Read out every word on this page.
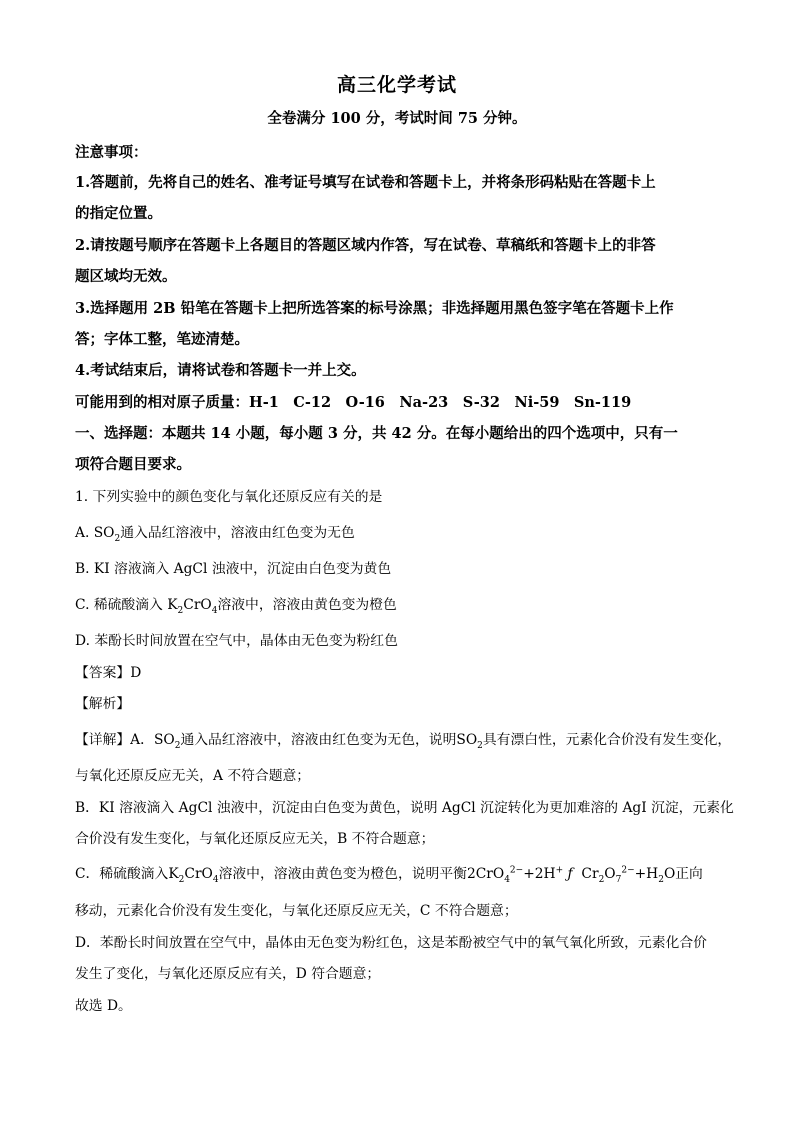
高三化学考试
全卷满分 100 分，考试时间 75 分钟。
注意事项：
1.答题前，先将自己的姓名、准考证号填写在试卷和答题卡上，并将条形码粘贴在答题卡上
的指定位置。
2.请按题号顺序在答题卡上各题目的答题区域内作答，写在试卷、草稿纸和答题卡上的非答
题区域均无效。
3.选择题用 2B 铅笔在答题卡上把所选答案的标号涂黑；非选择题用黑色签字笔在答题卡上作
答；字体工整，笔迹清楚。
4.考试结束后，请将试卷和答题卡一并上交。
可能用到的相对原子质量：H-1　C-12　O-16　Na-23　S-32　Ni-59　Sn-119
一、选择题：本题共 14 小题，每小题 3 分，共 42 分。在每小题给出的四个选项中，只有一
项符合题目要求。
1. 下列实验中的颜色变化与氧化还原反应有关的是
A. $SO_2$通入品红溶液中，溶液由红色变为无色
B. KI 溶液滴入 AgCl 浊液中，沉淀由白色变为黄色
C. 稀硫酸滴入 $K_2CrO_4$溶液中，溶液由黄色变为橙色
D. 苯酚长时间放置在空气中，晶体由无色变为粉红色
【答案】D
【解析】
【详解】A．$SO_2$通入品红溶液中，溶液由红色变为无色，说明$SO_2$具有漂白性，元素化合价没有发生变化，
与氧化还原反应无关，A 不符合题意；
B．KI 溶液滴入 AgCl 浊液中，沉淀由白色变为黄色，说明 AgCl 沉淀转化为更加难溶的 AgI 沉淀，元素化
合价没有发生变化，与氧化还原反应无关，B 不符合题意；
C．稀硫酸滴入$K_2CrO_4$溶液中，溶液由黄色变为橙色，说明平衡2CrO$_4^{2-}$+2H+ ƒ $Cr_2O_7^{2-}+H_2O$正向
移动，元素化合价没有发生变化，与氧化还原反应无关，C 不符合题意；
D．苯酚长时间放置在空气中，晶体由无色变为粉红色，这是苯酚被空气中的氧气氧化所致，元素化合价
发生了变化，与氧化还原反应有关，D 符合题意；
故选 D。
